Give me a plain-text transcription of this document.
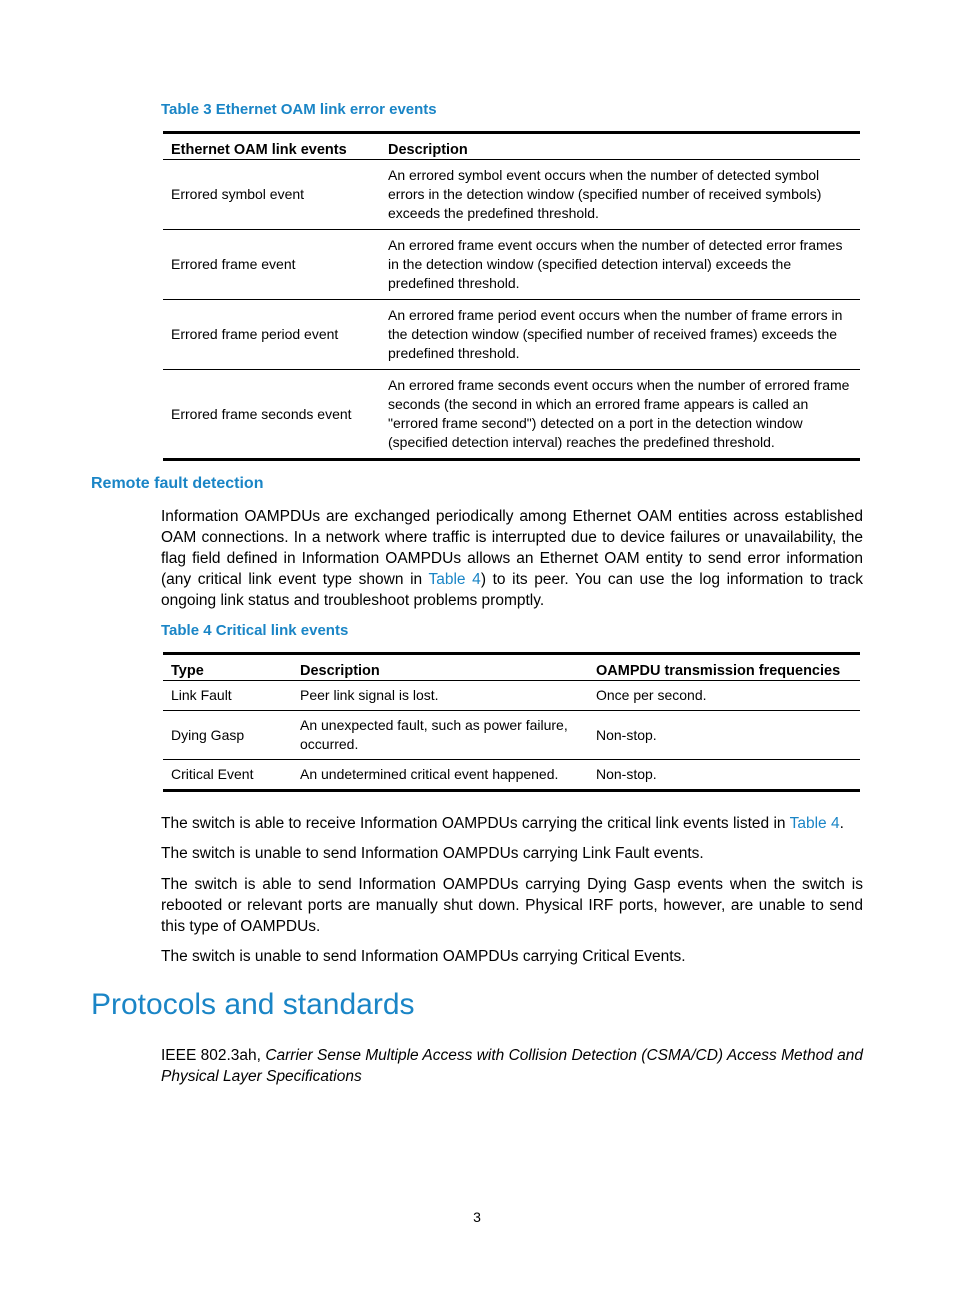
Table 3 Ethernet OAM link error events
Ethernet OAM link events	Description
Errored symbol event	An errored symbol event occurs when the number of detected symbol errors in the detection window (specified number of received symbols) exceeds the predefined threshold.
Errored frame event	An errored frame event occurs when the number of detected error frames in the detection window (specified detection interval) exceeds the predefined threshold.
Errored frame period event	An errored frame period event occurs when the number of frame errors in the detection window (specified number of received frames) exceeds the predefined threshold.
Errored frame seconds event	An errored frame seconds event occurs when the number of errored frame seconds (the second in which an errored frame appears is called an "errored frame second") detected on a port in the detection window (specified detection interval) reaches the predefined threshold.
Remote fault detection
Information OAMPDUs are exchanged periodically among Ethernet OAM entities across established OAM connections. In a network where traffic is interrupted due to device failures or unavailability, the flag field defined in Information OAMPDUs allows an Ethernet OAM entity to send error information (any critical link event type shown in Table 4) to its peer. You can use the log information to track ongoing link status and troubleshoot problems promptly.
Table 4 Critical link events
Type	Description	OAMPDU transmission frequencies
Link Fault	Peer link signal is lost.	Once per second.
Dying Gasp	An unexpected fault, such as power failure, occurred.	Non-stop.
Critical Event	An undetermined critical event happened.	Non-stop.
The switch is able to receive Information OAMPDUs carrying the critical link events listed in Table 4.
The switch is unable to send Information OAMPDUs carrying Link Fault events.
The switch is able to send Information OAMPDUs carrying Dying Gasp events when the switch is rebooted or relevant ports are manually shut down. Physical IRF ports, however, are unable to send this type of OAMPDUs.
The switch is unable to send Information OAMPDUs carrying Critical Events.
Protocols and standards
IEEE 802.3ah, Carrier Sense Multiple Access with Collision Detection (CSMA/CD) Access Method and Physical Layer Specifications
3
